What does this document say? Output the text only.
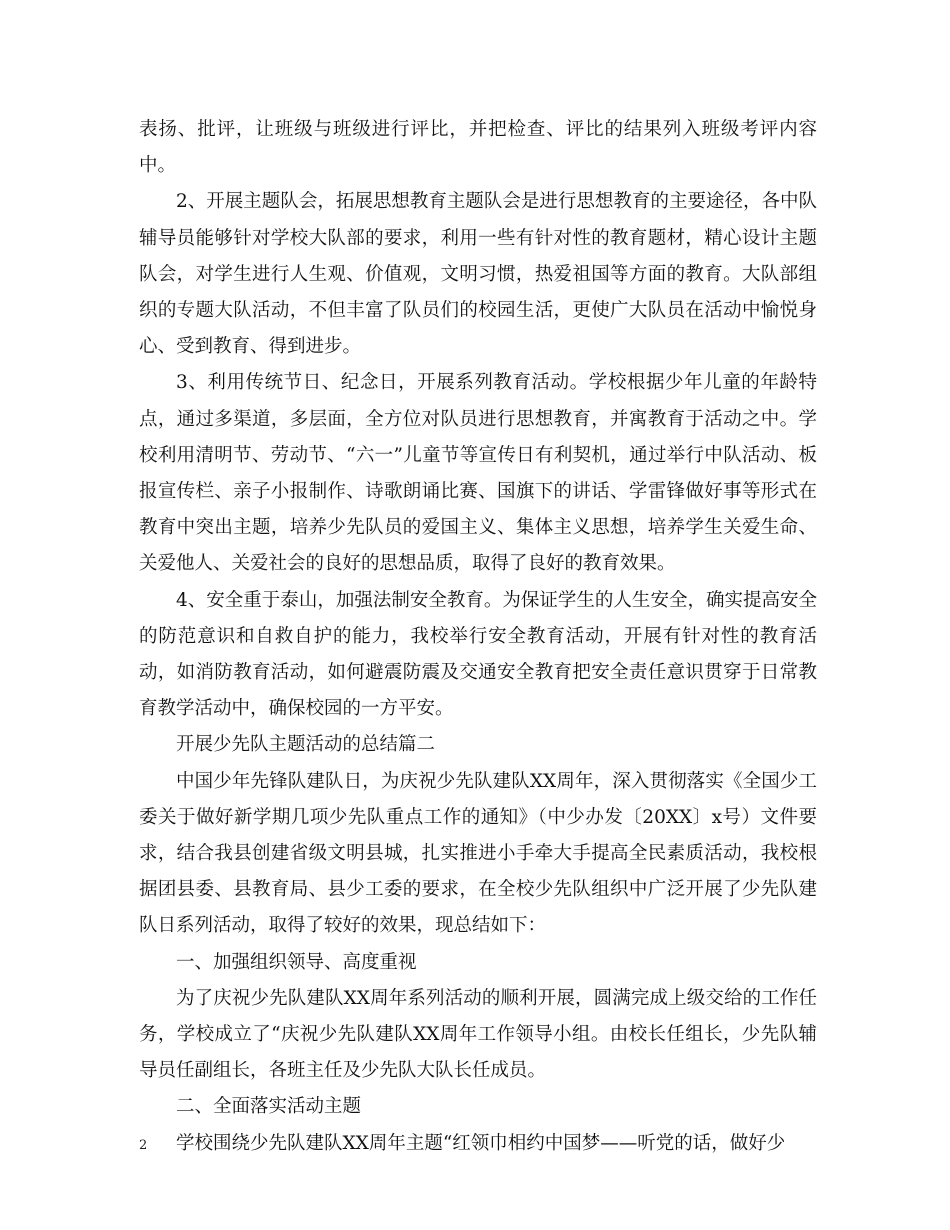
表扬、批评，让班级与班级进行评比，并把检查、评比的结果列入班级考评内容中。

2、开展主题队会，拓展思想教育主题队会是进行思想教育的主要途径，各中队辅导员能够针对学校大队部的要求，利用一些有针对性的教育题材，精心设计主题队会，对学生进行人生观、价值观，文明习惯，热爱祖国等方面的教育。大队部组织的专题大队活动，不但丰富了队员们的校园生活，更使广大队员在活动中愉悦身心、受到教育、得到进步。

3、利用传统节日、纪念日，开展系列教育活动。学校根据少年儿童的年龄特点，通过多渠道，多层面，全方位对队员进行思想教育，并寓教育于活动之中。学校利用清明节、劳动节、“六一”儿童节等宣传日有利契机，通过举行中队活动、板报宣传栏、亲子小报制作、诗歌朗诵比赛、国旗下的讲话、学雷锋做好事等形式在教育中突出主题，培养少先队员的爱国主义、集体主义思想，培养学生关爱生命、关爱他人、关爱社会的良好的思想品质，取得了良好的教育效果。

4、安全重于泰山，加强法制安全教育。为保证学生的人生安全，确实提高安全的防范意识和自救自护的能力，我校举行安全教育活动，开展有针对性的教育活动，如消防教育活动，如何避震防震及交通安全教育把安全责任意识贯穿于日常教育教学活动中，确保校园的一方平安。

开展少先队主题活动的总结篇二

中国少年先锋队建队日，为庆祝少先队建队XX周年，深入贯彻落实《全国少工委关于做好新学期几项少先队重点工作的通知》（中少办发〔20XX〕x号）文件要求，结合我县创建省级文明县城，扎实推进小手牵大手提高全民素质活动，我校根据团县委、县教育局、县少工委的要求，在全校少先队组织中广泛开展了少先队建队日系列活动，取得了较好的效果，现总结如下：

一、加强组织领导、高度重视

为了庆祝少先队建队XX周年系列活动的顺利开展，圆满完成上级交给的工作任务，学校成立了“庆祝少先队建队XX周年工作领导小组。由校长任组长，少先队辅导员任副组长，各班主任及少先队大队长任成员。

二、全面落实活动主题

学校围绕少先队建队XX周年主题“红领巾相约中国梦——听党的话，做好少

2
